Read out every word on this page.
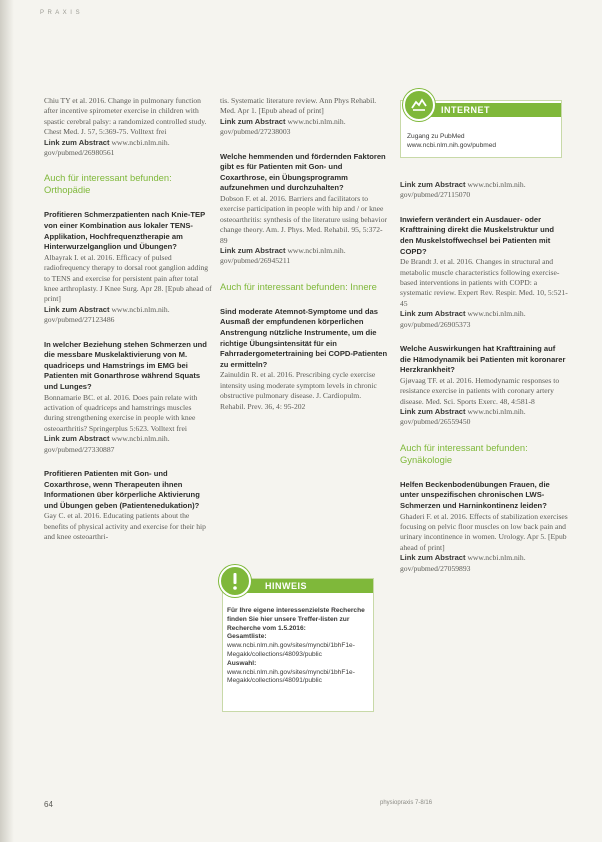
P R A X I S

Chiu TY et al. 2016. Change in pulmonary function after incentive spirometer exercise in children with spastic cerebral palsy: a randomized controlled study. Chest Med. J. 57, 5:369-75. Volltext frei

Link zum Abstract www.ncbi.nlm.nih.
gov/pubmed/26980561

Auch für interessant befunden: Orthopädie

Profitieren Schmerzpatienten nach Knie-TEP von einer Kombination aus lokaler TENS-Applikation, Hochfrequenztherapie am Hinterwurzelganglion und Übungen?

Albayrak I. et al. 2016. Efficacy of pulsed radiofrequency therapy to dorsal root ganglion adding to TENS and exercise for persistent pain after total knee arthroplasty. J Knee Surg. Apr 28. [Epub ahead of print]

Link zum Abstract www.ncbi.nlm.nih.
gov/pubmed/27123486

In welcher Beziehung stehen Schmerzen und die messbare Muskelaktivierung von M. quadriceps und Hamstrings im EMG bei Patienten mit Gonarthrose während Squats und Lunges?

Bonnamarie BC. et al. 2016. Does pain relate with activation of quadriceps and hamstrings muscles during strengthening exercise in people with knee osteoarthritis? Springerplus 5:623. Volltext frei

Link zum Abstract www.ncbi.nlm.nih.
gov/pubmed/27330887

Profitieren Patienten mit Gon- und Coxarthrose, wenn Therapeuten ihnen Informationen über körperliche Aktivierung und Übungen geben (Patientenedukation)?

Gay C. et al. 2016. Educating patients about the benefits of physical activity and exercise for their hip and knee osteoarthri-

tis. Systematic literature review. Ann Phys Rehabil. Med. Apr 1. [Epub ahead of print]

Link zum Abstract www.ncbi.nlm.nih.
gov/pubmed/27238003

Welche hemmenden und fördernden Faktoren gibt es für Patienten mit Gon- und Coxarthrose, ein Übungsprogramm aufzunehmen und durchzuhalten?

Dobson F. et al. 2016. Barriers and facilitators to exercise participation in people with hip and / or knee osteoarthritis: synthesis of the literature using behavior change theory. Am. J. Phys. Med. Rehabil. 95, 5:372-89

Link zum Abstract www.ncbi.nlm.nih.
gov/pubmed/26945211

Auch für interessant befunden: Innere

Sind moderate Atemnot-Symptome und das Ausmaß der empfundenen körperlichen Anstrengung nützliche Instrumente, um die richtige Übungsintensität für ein Fahrradergometertraining bei COPD-Patienten zu ermitteln?

Zainuldin R. et al. 2016. Prescribing cycle exercise intensity using moderate symptom levels in chronic obstructive pulmonary disease. J. Cardiopulm. Rehabil. Prev. 36, 4: 95-202

Link zum Abstract www.ncbi.nlm.nih.
gov/pubmed/27115070

Inwiefern verändert ein Ausdauer- oder Krafttraining direkt die Muskelstruktur und den Muskelstoffwechsel bei Patienten mit COPD?

De Brandt J. et al. 2016. Changes in structural and metabolic muscle characteristics following exercise-based interventions in patients with COPD: a systematic review. Expert Rev. Respir. Med. 10, 5:521-45

Link zum Abstract www.ncbi.nlm.nih.
gov/pubmed/26905373

Welche Auswirkungen hat Krafttraining auf die Hämodynamik bei Patienten mit koronarer Herzkrankheit?

Gjøvaag TF. et al. 2016. Hemodynamic responses to resistance exercise in patients with coronary artery disease. Med. Sci. Sports Exerc. 48, 4:581-8

Link zum Abstract www.ncbi.nlm.nih.
gov/pubmed/26559450

Auch für interessant befunden: Gynäkologie

Helfen Beckenbodenübungen Frauen, die unter unspezifischen chronischen LWS-Schmerzen und Harninkontinenz leiden?

Ghaderi F. et al. 2016. Effects of stabilization exercises focusing on pelvic floor muscles on low back pain and urinary incontinence in women. Urology. Apr 5. [Epub ahead of print]

Link zum Abstract www.ncbi.nlm.nih.
gov/pubmed/27059893

INTERNET
Zugang zu PubMed
www.ncbi.nlm.nih.gov/pubmed
HINWEIS
Für Ihre eigene interessenzielste Recherche finden Sie hier unsere Treffer-listen zur Recherche vom 1.5.2016:
Gesamtliste:
www.ncbi.nlm.nih.gov/sites/myncbi/1bhF1e-Megakk/collections/48093/public
Auswahl:
www.ncbi.nlm.nih.gov/sites/myncbi/1bhF1e-Megakk/collections/48091/public
64	physiopraxis 7-8/16
